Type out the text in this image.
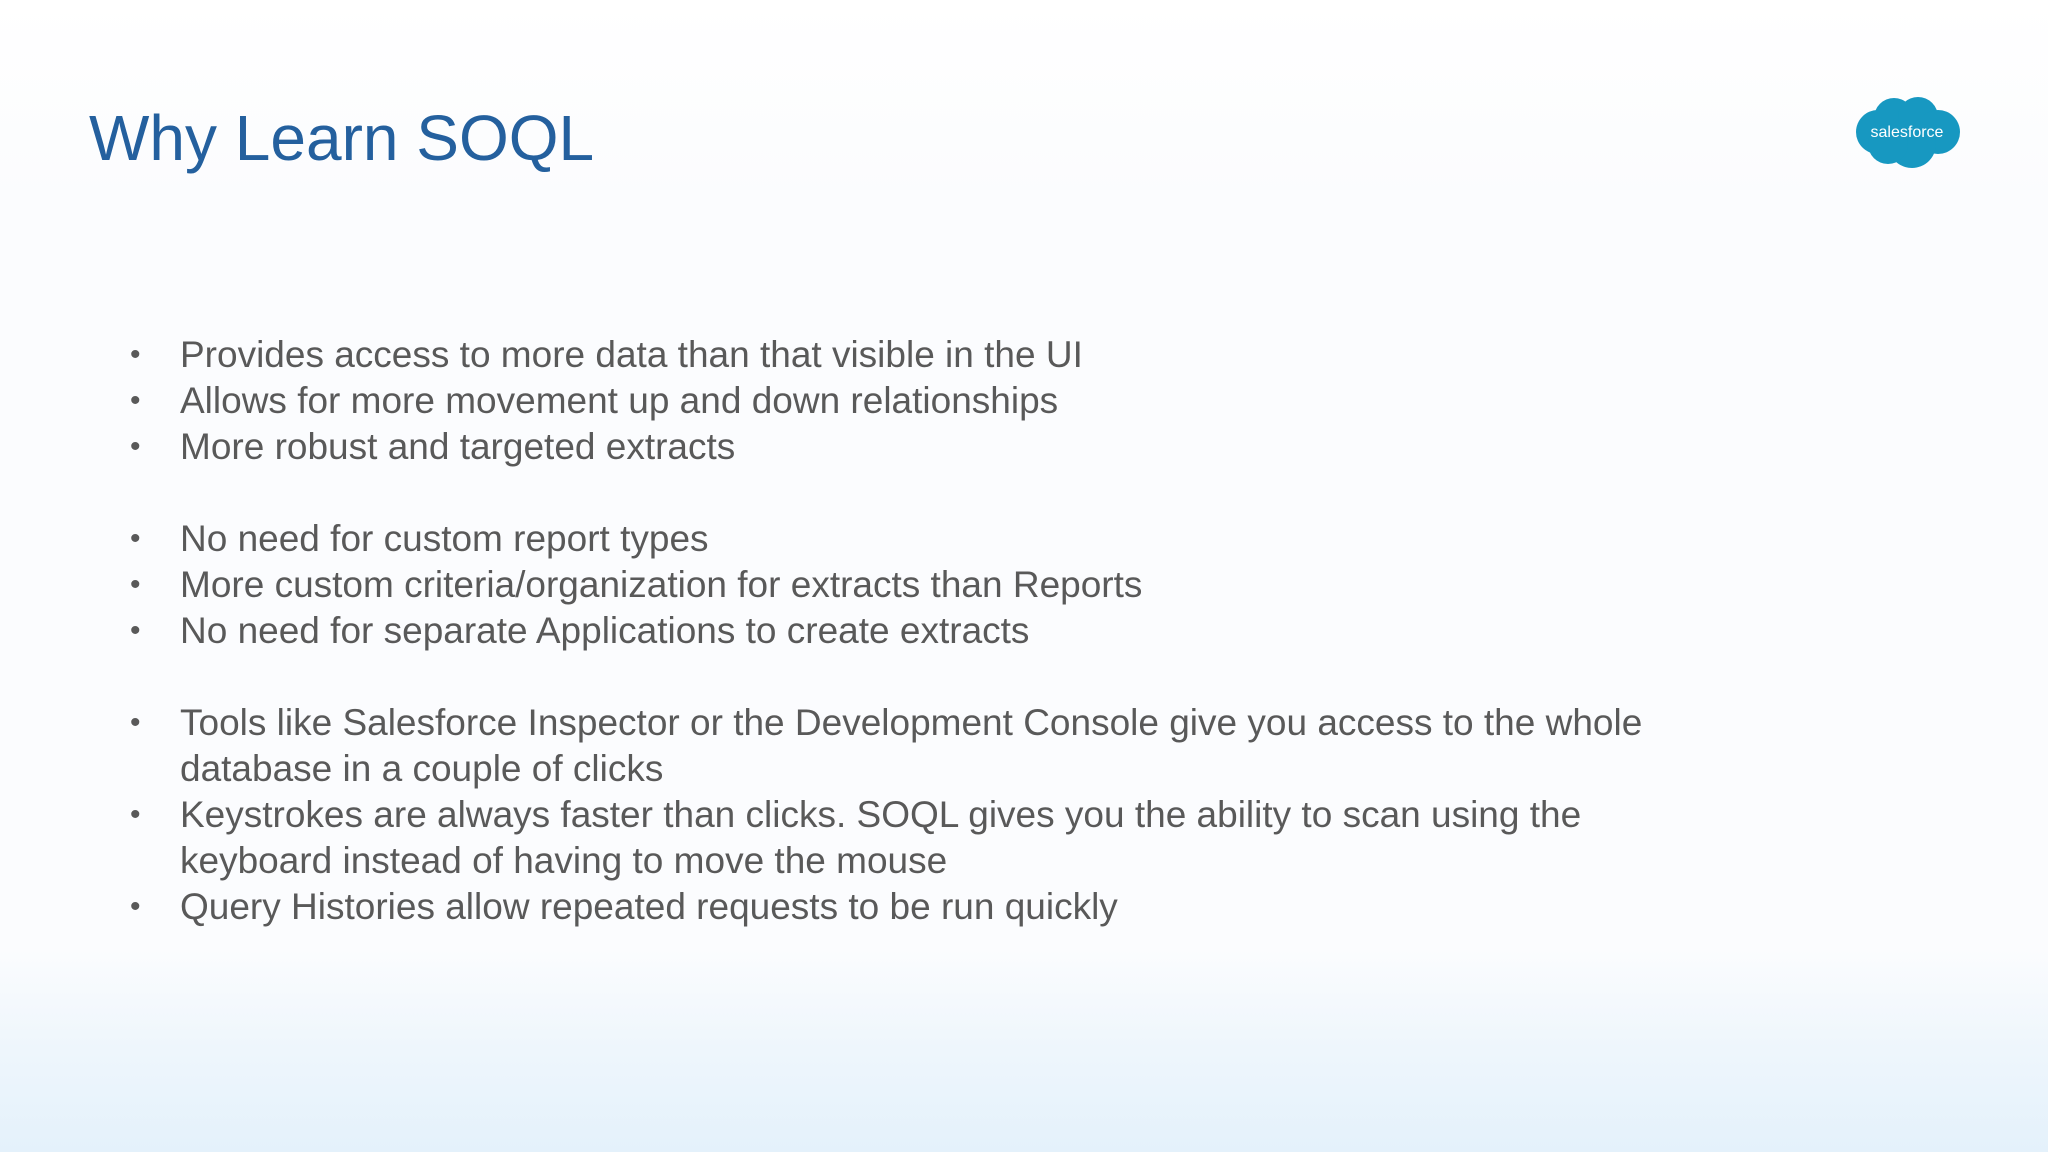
Why Learn SOQL	salesforce
• Provides access to more data than that visible in the UI
• Allows for more movement up and down relationships
• More robust and targeted extracts
• No need for custom report types
• More custom criteria/organization for extracts than Reports
• No need for separate Applications to create extracts
• Tools like Salesforce Inspector or the Development Console give you access to the whole database in a couple of clicks
• Keystrokes are always faster than clicks. SOQL gives you the ability to scan using the keyboard instead of having to move the mouse
• Query Histories allow repeated requests to be run quickly
